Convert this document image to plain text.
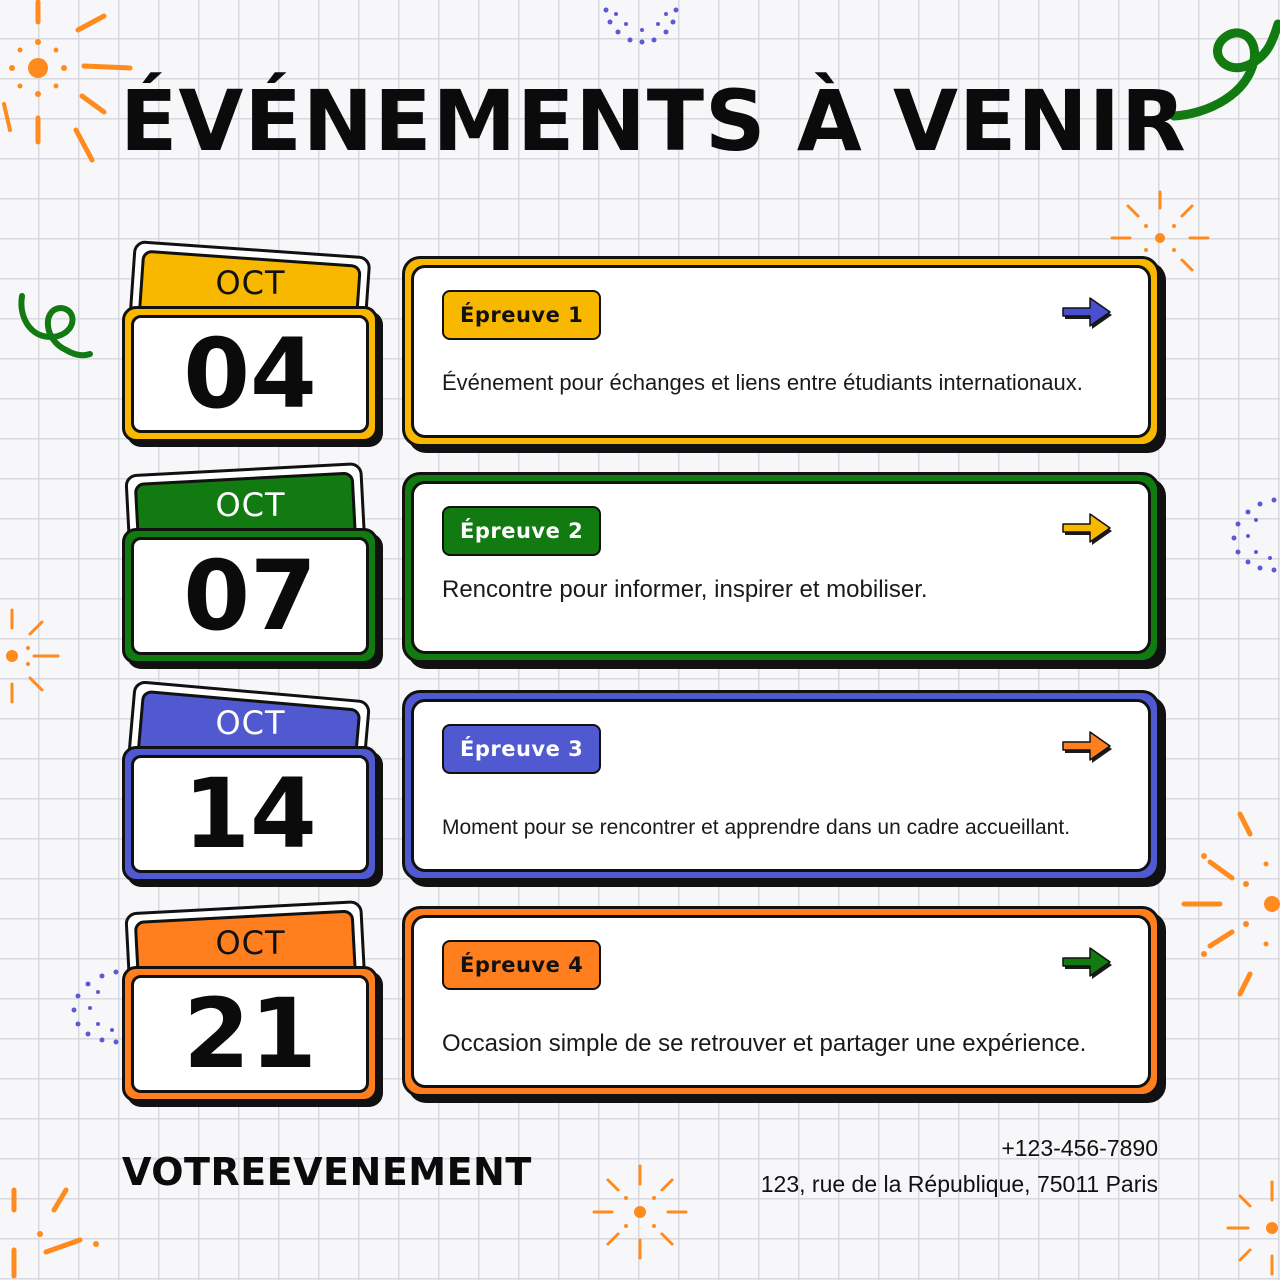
ÉVÉNEMENTS À VENIR
OCT
04
Épreuve 1

Événement pour échanges et liens entre étudiants internationaux.

OCT
07
Épreuve 2

Rencontre pour informer, inspirer et mobiliser.

OCT
14
Épreuve 3

Moment pour se rencontrer et apprendre dans un cadre accueillant.

OCT
21
Épreuve 4

Occasion simple de se retrouver et partager une expérience.

VOTREEVENEMENT
+123-456-7890
123, rue de la République, 75011 Paris
